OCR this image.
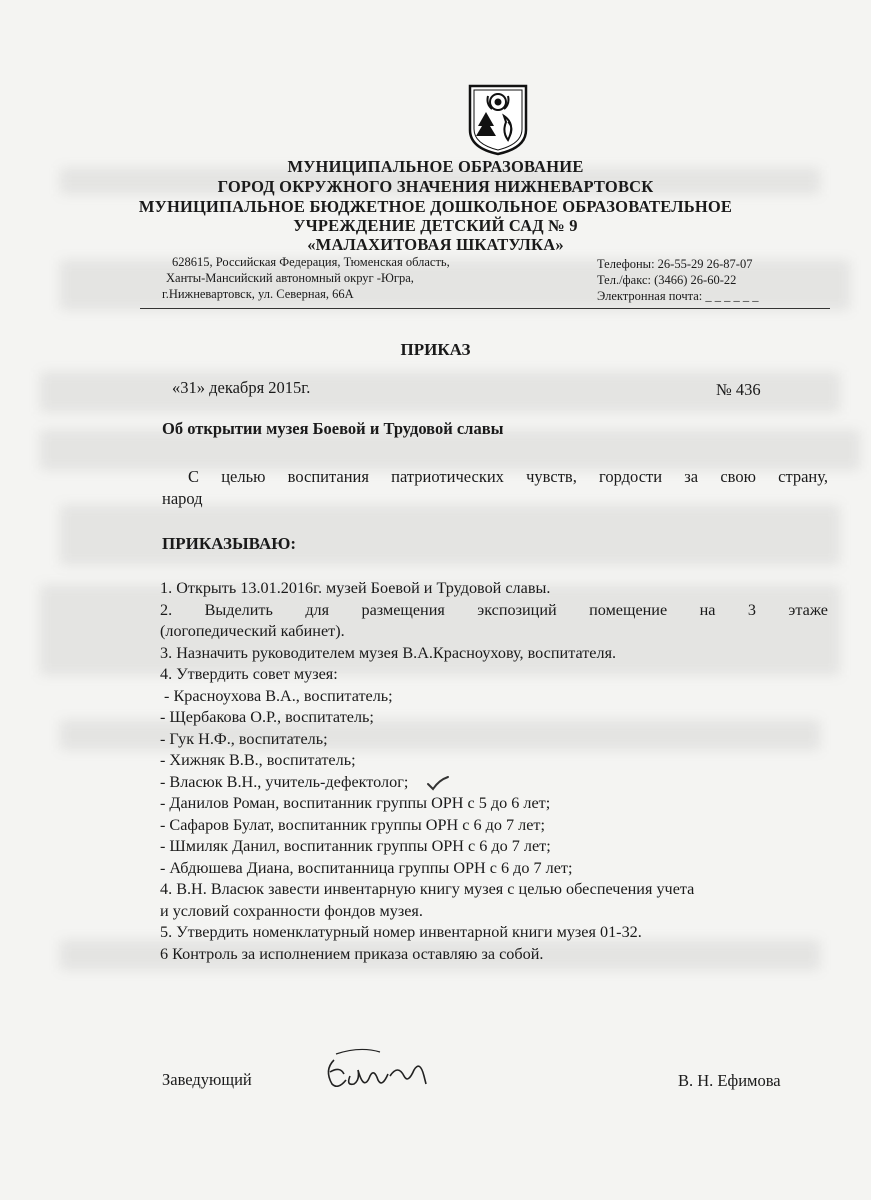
МУНИЦИПАЛЬНОЕ ОБРАЗОВАНИЕ
ГОРОД ОКРУЖНОГО ЗНАЧЕНИЯ НИЖНЕВАРТОВСК
МУНИЦИПАЛЬНОЕ БЮДЖЕТНОЕ ДОШКОЛЬНОЕ ОБРАЗОВАТЕЛЬНОЕ
УЧРЕЖДЕНИЕ ДЕТСКИЙ САД № 9
«МАЛАХИТОВАЯ ШКАТУЛКА»
628615, Российская Федерация, Тюменская область,
Ханты-Мансийский автономный округ -Югра,
г.Нижневартовск, ул. Северная, 66А
Телефоны: 26-55-29 26-87-07
Тел./факс: (3466) 26-60-22
Электронная почта: _ _ _ _ _ _
ПРИКАЗ
«31» декабря 2015г.	№ 436
Об открытии музея Боевой и Трудовой славы
С целью воспитания патриотических чувств, гордости за свою страну,
народ
ПРИКАЗЫВАЮ:
1. Открыть 13.01.2016г. музей Боевой и Трудовой славы.
2. Выделить для размещения экспозиций помещение на 3 этаже
(логопедический кабинет).
3. Назначить руководителем музея В.А.Красноухову, воспитателя.
4. Утвердить совет музея:
- Красноухова В.А., воспитатель;
- Щербакова О.Р., воспитатель;
- Гук Н.Ф., воспитатель;
- Хижняк В.В., воспитатель;
- Власюк В.Н., учитель-дефектолог;
- Данилов Роман, воспитанник группы ОРН с 5 до 6 лет;
- Сафаров Булат, воспитанник группы ОРН с 6 до 7 лет;
- Шмиляк Данил, воспитанник группы ОРН с 6 до 7 лет;
- Абдюшева Диана, воспитанница группы ОРН с 6 до 7 лет;
4. В.Н. Власюк завести инвентарную книгу музея с целью обеспечения учета
и условий сохранности фондов музея.
5. Утвердить номенклатурный номер инвентарной книги музея 01-32.
6 Контроль за исполнением приказа оставляю за собой.
Заведующий	В. Н. Ефимова
